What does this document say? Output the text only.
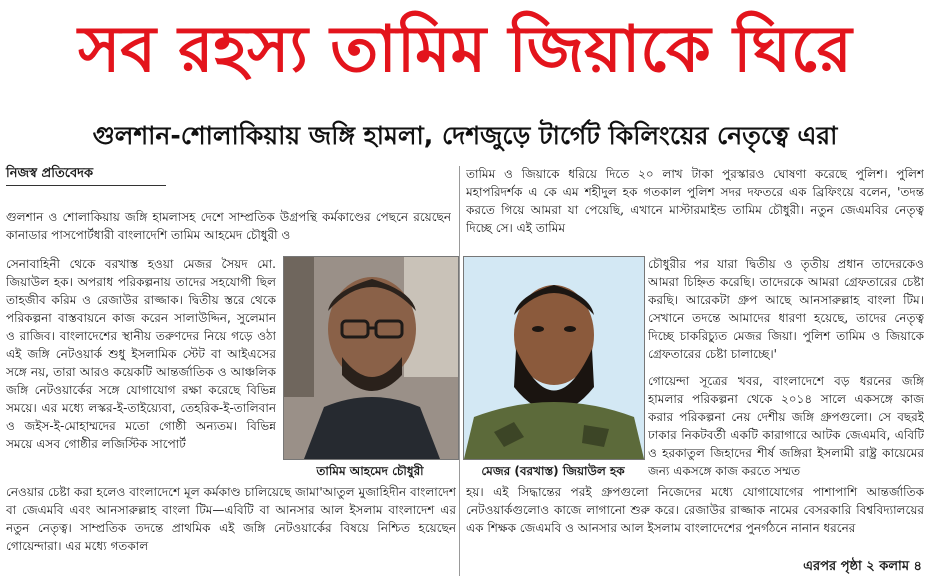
সব রহস্য তামিম জিয়াকে ঘিরে
গুলশান-শোলাকিয়ায় জঙ্গি হামলা, দেশজুড়ে টার্গেট কিলিংয়ের নেতৃত্বে এরা
নিজস্ব প্রতিবেদক

গুলশান ও শোলাকিয়ায় জঙ্গি হামলাসহ দেশে সাম্প্রতিক উগ্রপন্থি কর্মকাণ্ডের পেছনে রয়েছেন কানাডার পাসপোর্টধারী বাংলাদেশি তামিম আহমেদ চৌধুরী ও

সেনাবাহিনী থেকে বরখাস্ত হওয়া মেজর সৈয়দ মো. জিয়াউল হক। অপরাধ পরিকল্পনায় তাদের সহযোগী ছিল তাহজীব করিম ও রেজাউর রাজ্জাক। দ্বিতীয় স্তরে থেকে পরিকল্পনা বাস্তবায়নে কাজ করেন সালাউদ্দিন, সুলেমান ও রাজিব। বাংলাদেশের স্থানীয় তরুণদের নিয়ে গড়ে ওঠা এই জঙ্গি নেটওয়ার্ক শুধু ইসলামিক স্টেট বা আইএসের সঙ্গে নয়, তারা আরও কয়েকটি আন্তর্জাতিক ও আঞ্চলিক জঙ্গি নেটওয়ার্কের সঙ্গে যোগাযোগ রক্ষা করেছে বিভিন্ন সময়ে। এর মধ্যে লস্কর-ই-তাইয়্যেবা, তেহরিক-ই-তালিবান ও জইস-ই-মোহাম্মদের মতো গোষ্ঠী অন্যতম। বিভিন্ন সময়ে এসব গোষ্ঠীর লজিস্টিক সাপোর্ট

নেওয়ার চেষ্টা করা হলেও বাংলাদেশে মূল কর্মকাণ্ড চালিয়েছে জামা'আতুল মুজাহিদীন বাংলাদেশ বা জেএমবি এবং আনসারুল্লাহ বাংলা টিম—এবিটি বা আনসার আল ইসলাম বাংলাদেশ এর নতুন নেতৃত্ব। সাম্প্রতিক তদন্তে প্রাথমিক এই জঙ্গি নেটওয়ার্কের বিষয়ে নিশ্চিত হয়েছেন গোয়েন্দারা। এর মধ্যে গতকাল

তামিম ও জিয়াকে ধরিয়ে দিতে ২০ লাখ টাকা পুরস্কারও ঘোষণা করেছে পুলিশ। পুলিশ মহাপরিদর্শক এ কে এম শহীদুল হক গতকাল পুলিশ সদর দফতরে এক ব্রিফিংয়ে বলেন, 'তদন্ত করতে গিয়ে আমরা যা পেয়েছি, এখানে মাস্টারমাইন্ড তামিম চৌধুরী। নতুন জেএমবির নেতৃত্ব দিচ্ছে সে। এই তামিম

চৌধুরীর পর যারা দ্বিতীয় ও তৃতীয় প্রধান তাদেরকেও আমরা চিহ্নিত করেছি। তাদেরকে আমরা গ্রেফতারের চেষ্টা করছি। আরেকটা গ্রুপ আছে আনসারুল্লাহ বাংলা টিম। সেখানে তদন্তে আমাদের ধারণা হয়েছে, তাদের নেতৃত্ব দিচ্ছে চাকরিচ্যুত মেজর জিয়া। পুলিশ তামিম ও জিয়াকে গ্রেফতারের চেষ্টা চালাচ্ছে।'

গোয়েন্দা সূত্রের খবর, বাংলাদেশে বড় ধরনের জঙ্গি হামলার পরিকল্পনা থেকে ২০১৪ সালে একসঙ্গে কাজ করার পরিকল্পনা নেয় দেশীয় জঙ্গি গ্রুপগুলো। সে বছরই ঢাকার নিকটবর্তী একটি কারাগারে আটক জেএমবি, এবিটি ও হরকাতুল জিহাদের শীর্ষ জঙ্গিরা ইসলামী রাষ্ট্র কায়েমের জন্য একসঙ্গে কাজ করতে সম্মত

হয়। এই সিদ্ধান্তের পরই গ্রুপগুলো নিজেদের মধ্যে যোগাযোগের পাশাপাশি আন্তর্জাতিক নেটওয়ার্কগুলোও কাজে লাগানো শুরু করে। রেজাউর রাজ্জাক নামের বেসরকারি বিশ্ববিদ্যালয়ের এক শিক্ষক জেএমবি ও আনসার আল ইসলাম বাংলাদেশের পুনর্গঠনে নানান ধরনের

তামিম আহমেদ চৌধুরী	মেজর (বরখাস্ত) জিয়াউল হক
এরপর পৃষ্ঠা ২ কলাম ৪
